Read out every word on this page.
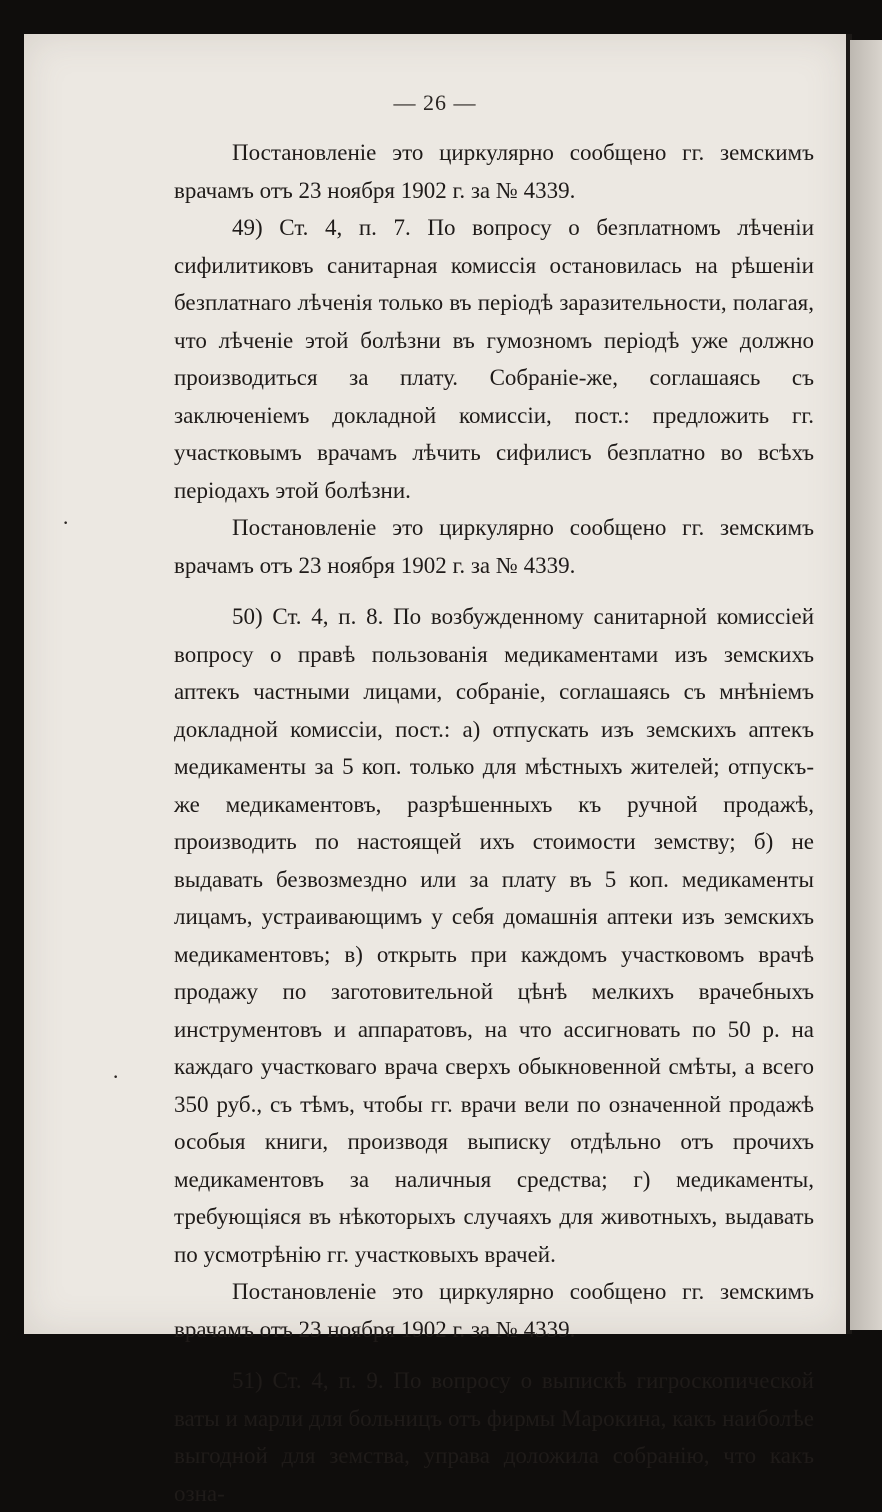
— 26 —
·
·

Постановленіе это циркулярно сообщено гг. земскимъ врачамъ отъ 23 ноября 1902 г. за № 4339.

49) Ст. 4, п. 7. По вопросу о безплатномъ лѣченіи сифилитиковъ санитарная комиссія остановилась на рѣшеніи безплатнаго лѣченія только въ періодѣ заразительности, полагая, что лѣченіе этой болѣзни въ гумозномъ періодѣ уже должно производиться за плату. Собраніе-же, соглашаясь съ заключеніемъ докладной комиссіи, пост.: предложить гг. участковымъ врачамъ лѣчить сифилисъ безплатно во всѣхъ періодахъ этой болѣзни.

Постановленіе это циркулярно сообщено гг. земскимъ врачамъ отъ 23 ноября 1902 г. за № 4339.

50) Ст. 4, п. 8. По возбужденному санитарной комиссіей вопросу о правѣ пользованія медикаментами изъ земскихъ аптекъ частными лицами, собраніе, соглашаясь съ мнѣніемъ докладной комиссіи, пост.: а) отпускать изъ земскихъ аптекъ медикаменты за 5 коп. только для мѣстныхъ жителей; отпускъ-же медикаментовъ, разрѣшенныхъ къ ручной продажѣ, производить по настоящей ихъ стоимости земству; б) не выдавать безвозмездно или за плату въ 5 коп. медикаменты лицамъ, устраивающимъ у себя домашнія аптеки изъ земскихъ медикаментовъ; в) открыть при каждомъ участковомъ врачѣ продажу по заготовительной цѣнѣ мелкихъ врачебныхъ инструментовъ и аппаратовъ, на что ассигновать по 50 р. на каждаго участковаго врача сверхъ обыкновенной смѣты, а всего 350 руб., съ тѣмъ, чтобы гг. врачи вели по означенной продажѣ особыя книги, производя выписку отдѣльно отъ прочихъ медикаментовъ за наличныя средства; г) медикаменты, требующіяся въ нѣкоторыхъ случаяхъ для животныхъ, выдавать по усмотрѣнію гг. участковыхъ врачей.

Постановленіе это циркулярно сообщено гг. земскимъ врачамъ отъ 23 ноября 1902 г. за № 4339.

51) Ст. 4, п. 9. По вопросу о выпискѣ гигроскопической ваты и марли для больницъ отъ фирмы Марокина, какъ наиболѣе выгодной для земства, управа доложила собранію, что какъ озна-
